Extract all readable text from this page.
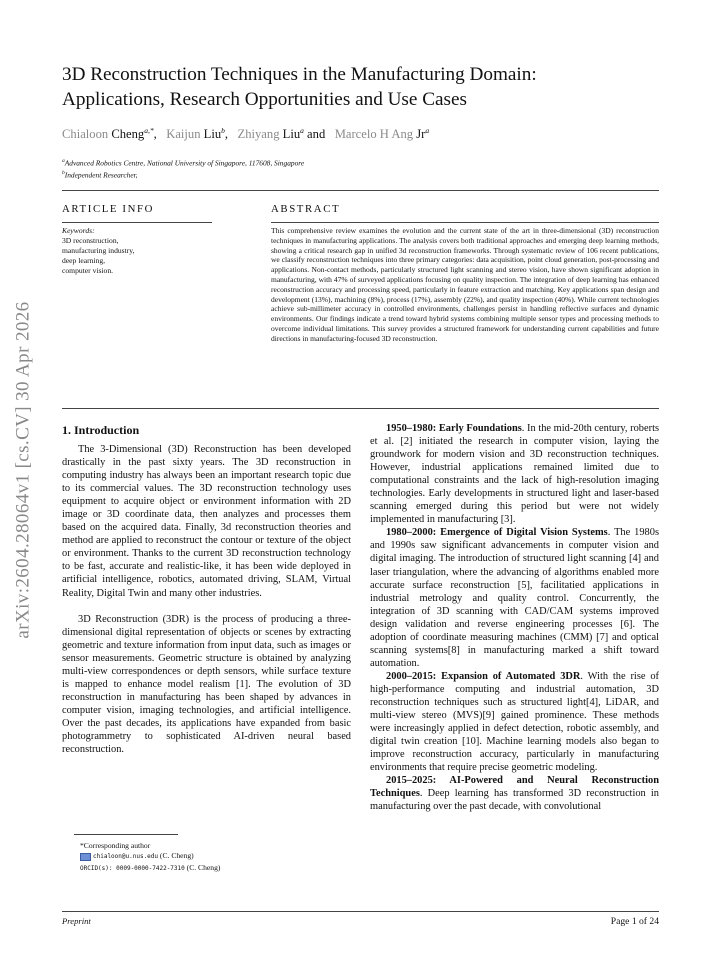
arXiv:2604.28064v1 [cs.CV] 30 Apr 2026
3D Reconstruction Techniques in the Manufacturing Domain:
Applications, Research Opportunities and Use Cases
Chialoon Cheng$^{a,*}$,   Kaijun Liu$^b$,   Zhiyang Liu$^a$ and   Marcelo H Ang Jr$^a$
$^a$Advanced Robotics Centre, National University of Singapore, 117608, Singapore
$^b$Independent Researcher,
ARTICLE INFO	ABSTRACT
Keywords:
3D reconstruction,
manufacturing industry,
deep learning,
computer vision.
This comprehensive review examines the evolution and the current state of the art in three-dimensional (3D) reconstruction techniques in manufacturing applications. The analysis covers both traditional approaches and emerging deep learning methods, showing a critical research gap in unified 3d reconstruction frameworks. Through systematic review of 106 recent publications, we classify reconstruction techniques into three primary categories: data acquisition, point cloud generation, post-processing and applications. Non-contact methods, particularly structured light scanning and stereo vision, have shown significant adoption in manufacturing, with 47% of surveyed applications focusing on quality inspection. The integration of deep learning has enhanced reconstruction accuracy and processing speed, particularly in feature extraction and matching. Key applications span design and development (13%), machining (8%), process (17%), assembly (22%), and quality inspection (40%). While current technologies achieve sub-millimeter accuracy in controlled environments, challenges persist in handling reflective surfaces and dynamic environments. Our findings indicate a trend toward hybrid systems combining multiple sensor types and processing methods to overcome individual limitations. This survey provides a structured framework for understanding current capabilities and future directions in manufacturing-focused 3D reconstruction.
1. Introduction

The 3-Dimensional (3D) Reconstruction has been developed drastically in the past sixty years. The 3D reconstruction in computing industry has always been an important research topic due to its commercial values. The 3D reconstruction technology uses equipment to acquire object or environment information with 2D image or 3D coordinate data, then analyzes and processes them based on the acquired data. Finally, 3d reconstruction theories and method are applied to reconstruct the contour or texture of the object or environment. Thanks to the current 3D reconstruction technology to be fast, accurate and realistic-like, it has been wide deployed in artificial intelligence, robotics, automated driving, SLAM, Virtual Reality, Digital Twin and many other industries.

3D Reconstruction (3DR) is the process of producing a three-dimensional digital representation of objects or scenes by extracting geometric and texture information from input data, such as images or sensor measurements. Geometric structure is obtained by analyzing multi-view correspondences or depth sensors, while surface texture is mapped to enhance model realism [1]. The evolution of 3D reconstruction in manufacturing has been shaped by advances in computer vision, imaging technologies, and artificial intelligence. Over the past decades, its applications have expanded from basic photogrammetry to sophisticated AI-driven neural based reconstruction.

1950–1980: Early Foundations. In the mid-20th century, roberts et al. [2] initiated the research in computer vision, laying the groundwork for modern vision and 3D reconstruction techniques. However, industrial applications remained limited due to computational constraints and the lack of high-resolution imaging technologies. Early developments in structured light and laser-based scanning emerged during this period but were not widely implemented in manufacturing [3].

1980–2000: Emergence of Digital Vision Systems. The 1980s and 1990s saw significant advancements in computer vision and digital imaging. The introduction of structured light scanning [4] and laser triangulation, where the advancing of algorithms enabled more accurate surface reconstruction [5], facilitatied applications in industrial metrology and quality control. Concurrently, the integration of 3D scanning with CAD/CAM systems improved design validation and reverse engineering processes [6]. The adoption of coordinate measuring machines (CMM) [7] and optical scanning systems[8] in manufacturing marked a shift toward automation.

2000–2015: Expansion of Automated 3DR. With the rise of high-performance computing and industrial automation, 3D reconstruction techniques such as structured light[4], LiDAR, and multi-view stereo (MVS)[9] gained prominence. These methods were increasingly applied in defect detection, robotic assembly, and digital twin creation [10]. Machine learning models also began to improve reconstruction accuracy, particularly in manufacturing environments that require precise geometric modeling.

2015–2025: AI-Powered and Neural Reconstruction Techniques. Deep learning has transformed 3D reconstruction in manufacturing over the past decade, with convolutional

*Corresponding author
chialoon@u.nus.edu (C. Cheng)
ORCID(s): 0009-0000-7422-7310 (C. Cheng)
Preprint	Page 1 of 24
